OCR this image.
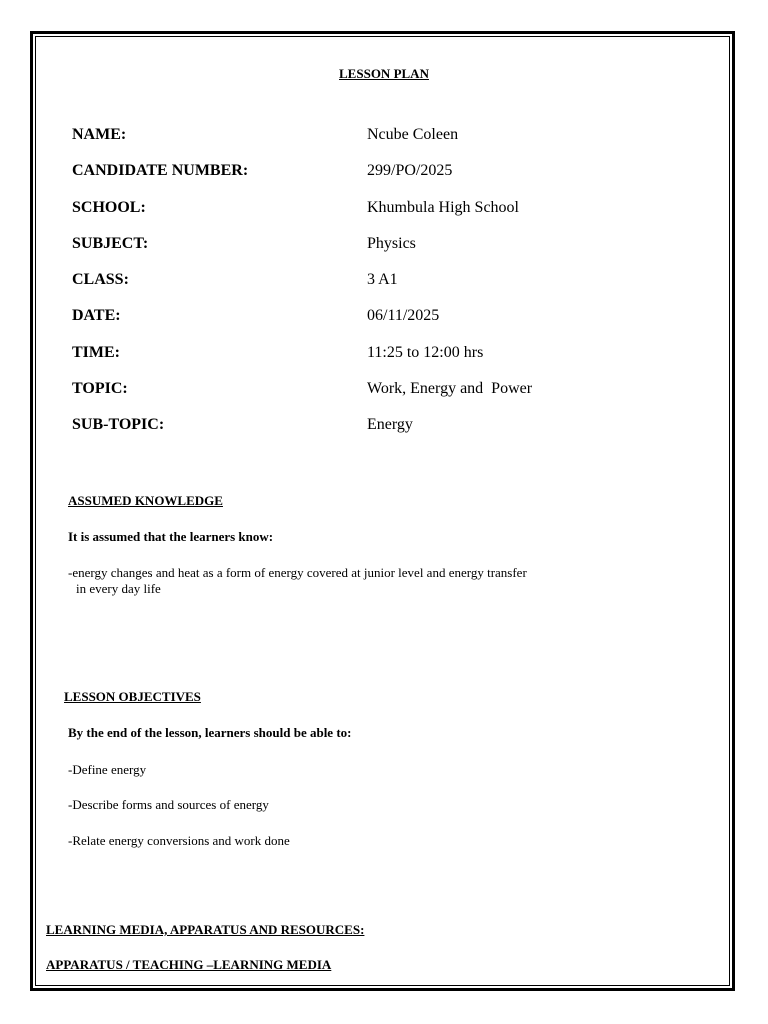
LESSON PLAN
NAME:	Ncube Coleen
CANDIDATE NUMBER:	299/PO/2025
SCHOOL:	Khumbula High School
SUBJECT:	Physics
CLASS:	3 A1
DATE:	06/11/2025
TIME:	11:25 to 12:00 hrs
TOPIC:	Work, Energy and  Power
SUB-TOPIC:	Energy
ASSUMED KNOWLEDGE
It is assumed that the learners know:
-energy changes and heat as a form of energy covered at junior level and energy transfer
in every day life
LESSON OBJECTIVES
By the end of the lesson, learners should be able to:
-Define energy
-Describe forms and sources of energy
-Relate energy conversions and work done
LEARNING MEDIA, APPARATUS AND RESOURCES:
APPARATUS / TEACHING –LEARNING MEDIA
